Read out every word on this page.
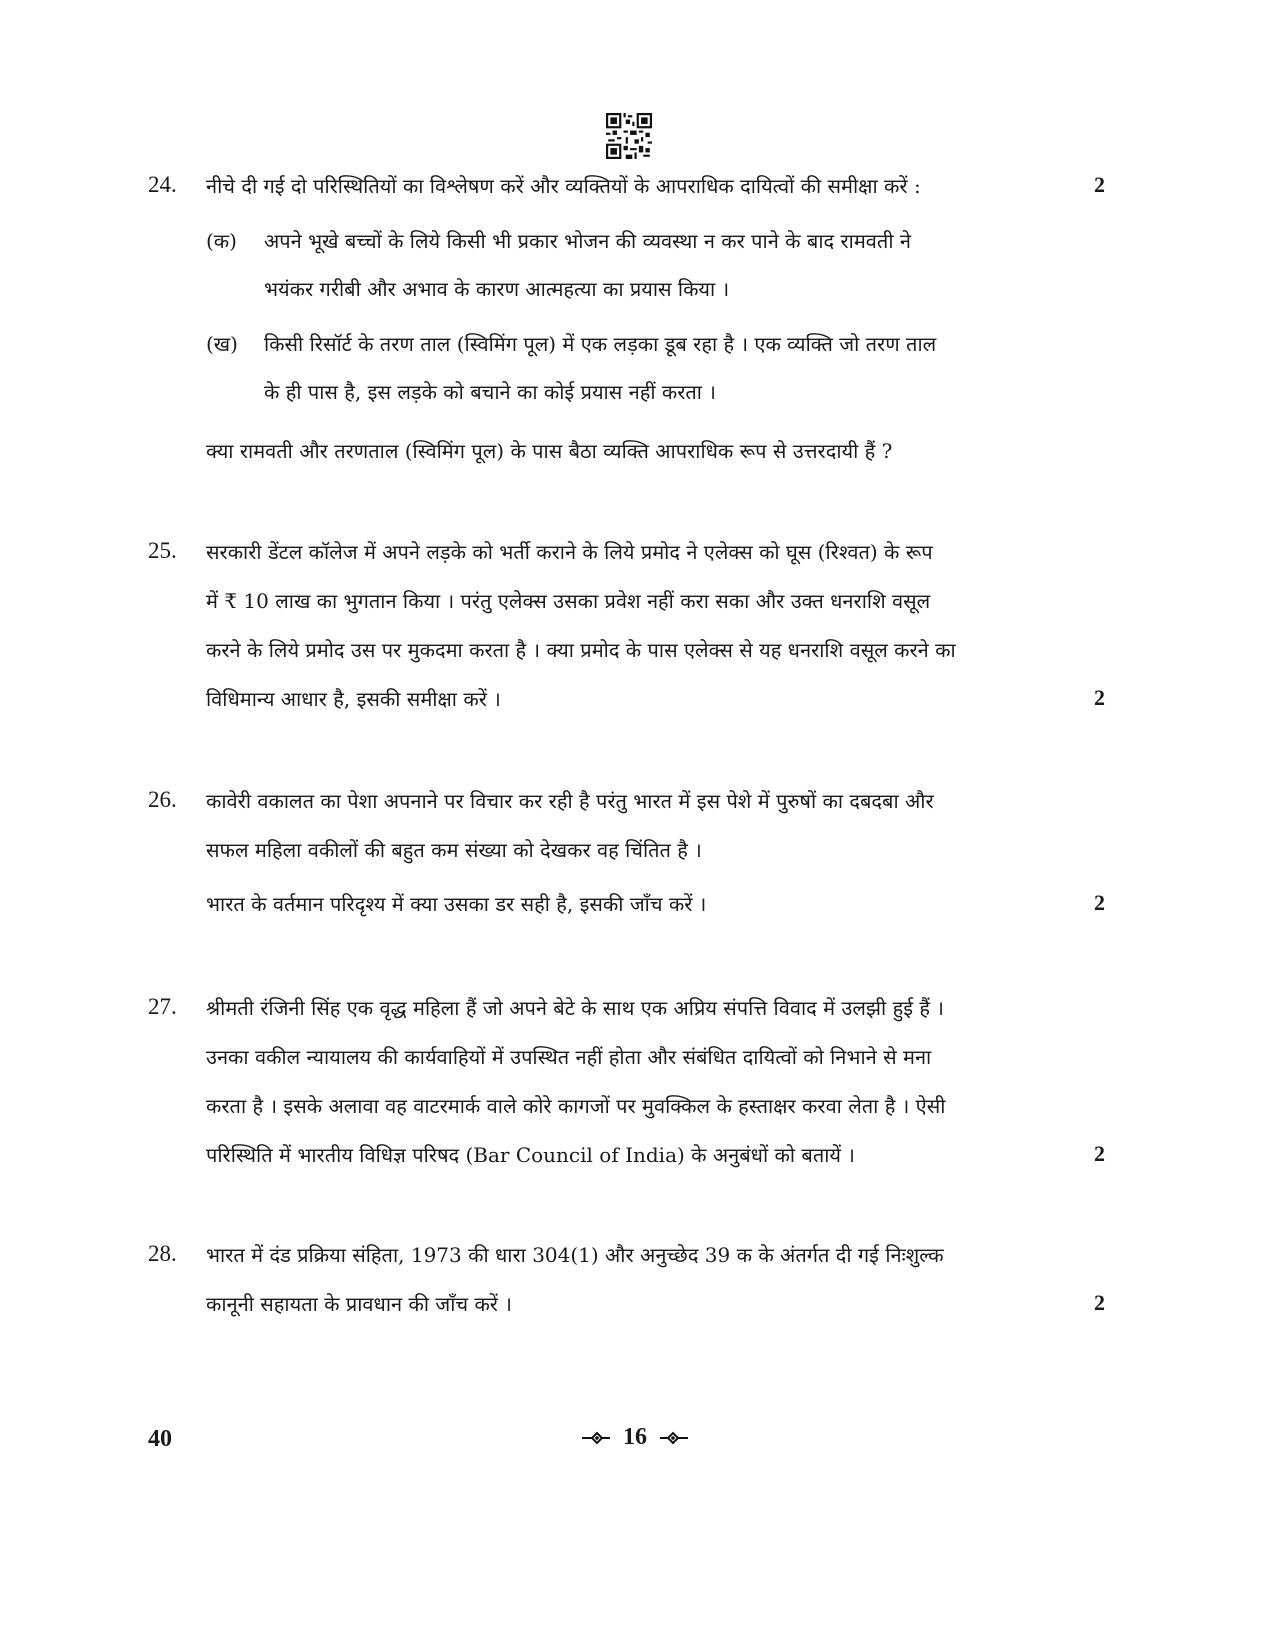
24. नीचे दी गई दो परिस्थितियों का विश्लेषण करें और व्यक्तियों के आपराधिक दायित्वों की समीक्षा करें :	2
(क) अपने भूखे बच्चों के लिये किसी भी प्रकार भोजन की व्यवस्था न कर पाने के बाद रामवती ने
भयंकर गरीबी और अभाव के कारण आत्महत्या का प्रयास किया ।
(ख) किसी रिसॉर्ट के तरण ताल (स्विमिंग पूल) में एक लड़का डूब रहा है । एक व्यक्ति जो तरण ताल
के ही पास है, इस लड़के को बचाने का कोई प्रयास नहीं करता ।
क्या रामवती और तरणताल (स्विमिंग पूल) के पास बैठा व्यक्ति आपराधिक रूप से उत्तरदायी हैं ?
25. सरकारी डेंटल कॉलेज में अपने लड़के को भर्ती कराने के लिये प्रमोद ने एलेक्स को घूस (रिश्वत) के रूप
में ₹ 10 लाख का भुगतान किया । परंतु एलेक्स उसका प्रवेश नहीं करा सका और उक्त धनराशि वसूल
करने के लिये प्रमोद उस पर मुकदमा करता है । क्या प्रमोद के पास एलेक्स से यह धनराशि वसूल करने का
विधिमान्य आधार है, इसकी समीक्षा करें ।	2
26. कावेरी वकालत का पेशा अपनाने पर विचार कर रही है परंतु भारत में इस पेशे में पुरुषों का दबदबा और
सफल महिला वकीलों की बहुत कम संख्या को देखकर वह चिंतित है ।
भारत के वर्तमान परिदृश्य में क्या उसका डर सही है, इसकी जाँच करें ।	2
27. श्रीमती रंजिनी सिंह एक वृद्ध महिला हैं जो अपने बेटे के साथ एक अप्रिय संपत्ति विवाद में उलझी हुई हैं ।
उनका वकील न्यायालय की कार्यवाहियों में उपस्थित नहीं होता और संबंधित दायित्वों को निभाने से मना
करता है । इसके अलावा वह वाटरमार्क वाले कोरे कागजों पर मुवक्किल के हस्ताक्षर करवा लेता है । ऐसी
परिस्थिति में भारतीय विधिज्ञ परिषद (Bar Council of India) के अनुबंधों को बतायें ।	2
28. भारत में दंड प्रक्रिया संहिता, 1973 की धारा 304(1) और अनुच्छेद 39 क के अंतर्गत दी गई निःशुल्क
कानूनी सहायता के प्रावधान की जाँच करें ।	2
40	16
